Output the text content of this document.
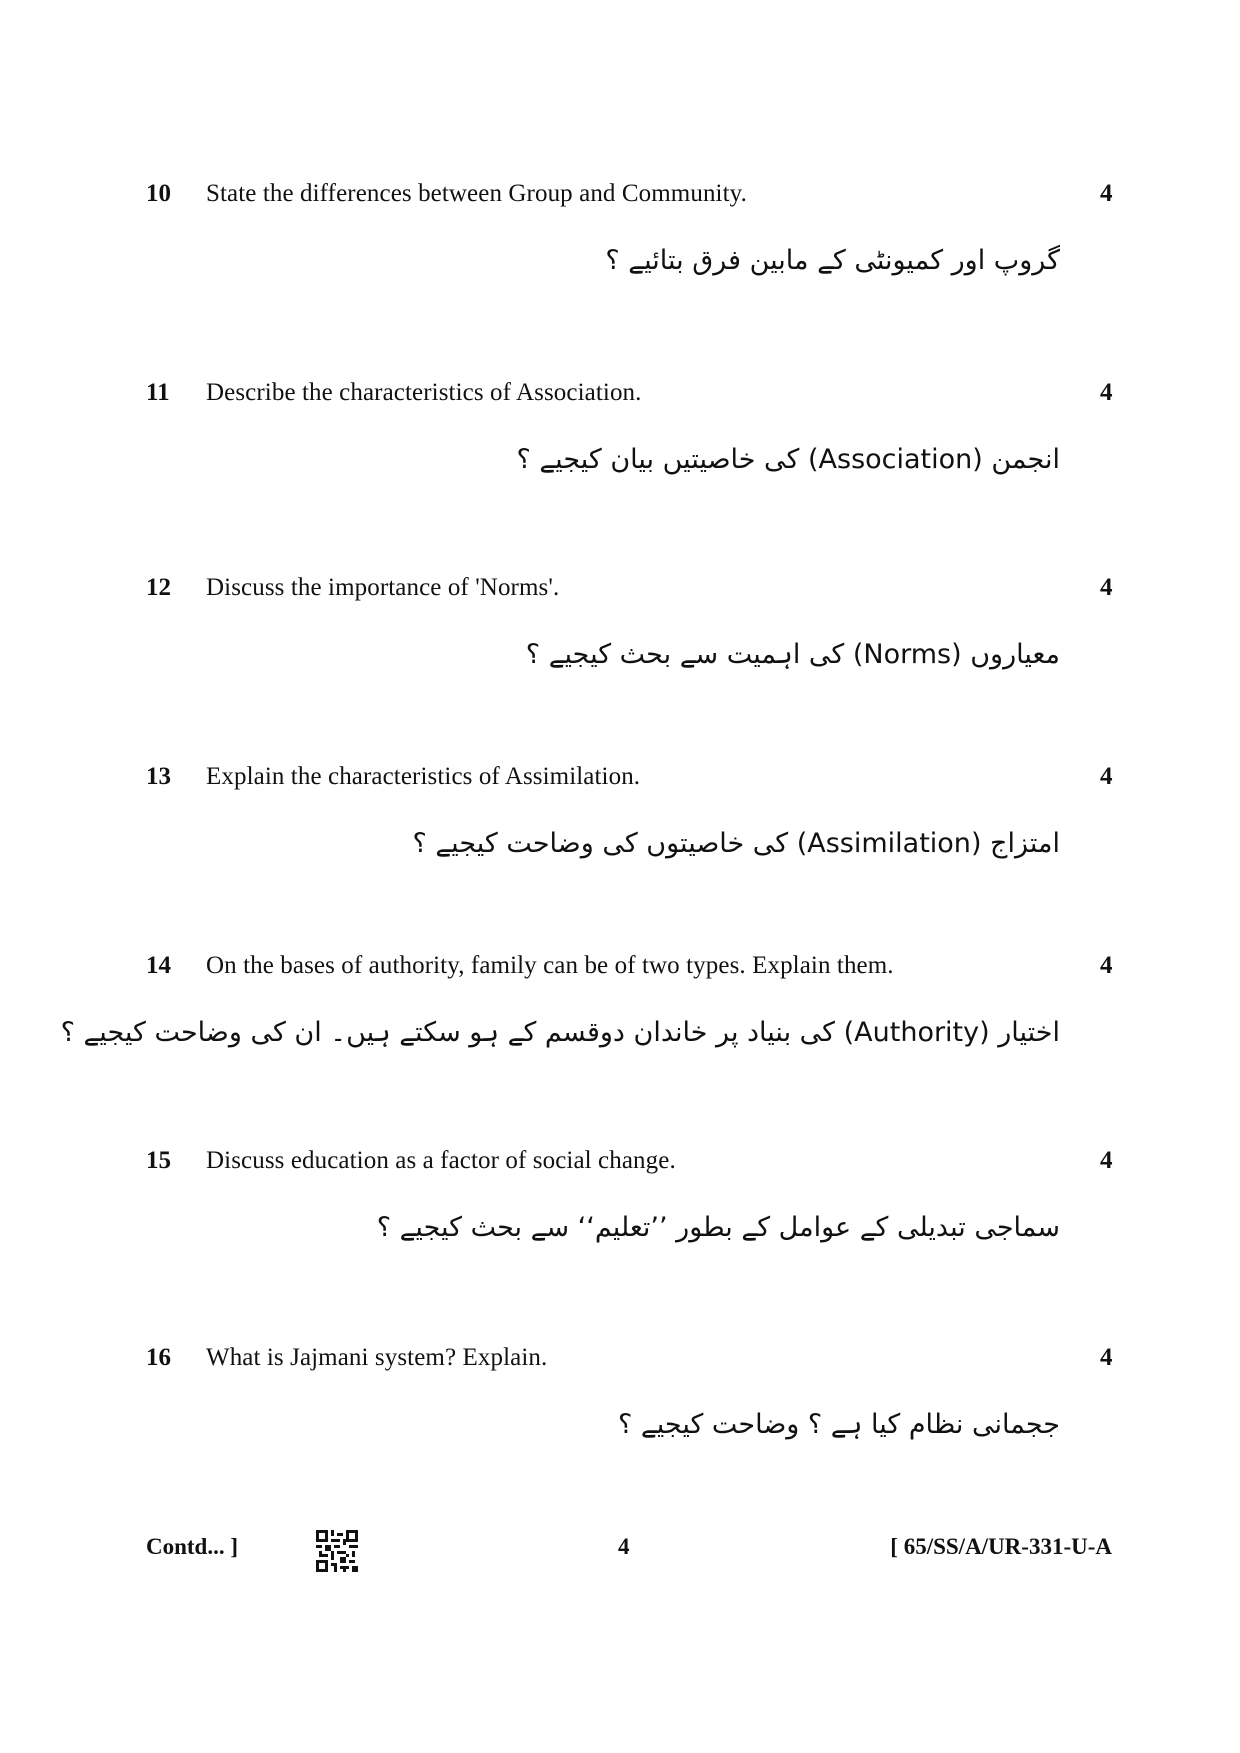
10 State the differences between Group and Community.	4
گروپ اور کمیونٹی کے مابین فرق بتائیے ؟
11 Describe the characteristics of Association.	4
انجمن (Association) کی خاصیتیں بیان کیجیے ؟
12 Discuss the importance of 'Norms'.	4
معیاروں (Norms) کی اہمیت سے بحث کیجیے ؟
13 Explain the characteristics of Assimilation.	4
امتزاج (Assimilation) کی خاصیتوں کی وضاحت کیجیے ؟
14 On the bases of authority, family can be of two types. Explain them.	4
اختیار (Authority) کی بنیاد پر خاندان دوقسم کے ہو سکتے ہیں۔ ان کی وضاحت کیجیے ؟
15 Discuss education as a factor of social change.	4
سماجی تبدیلی کے عوامل کے بطور ’’تعلیم‘‘ سے بحث کیجیے ؟
16 What is Jajmani system? Explain.	4
ججمانی نظام کیا ہے ؟ وضاحت کیجیے ؟
Contd... ]	4	[ 65/SS/A/UR-331-U-A
